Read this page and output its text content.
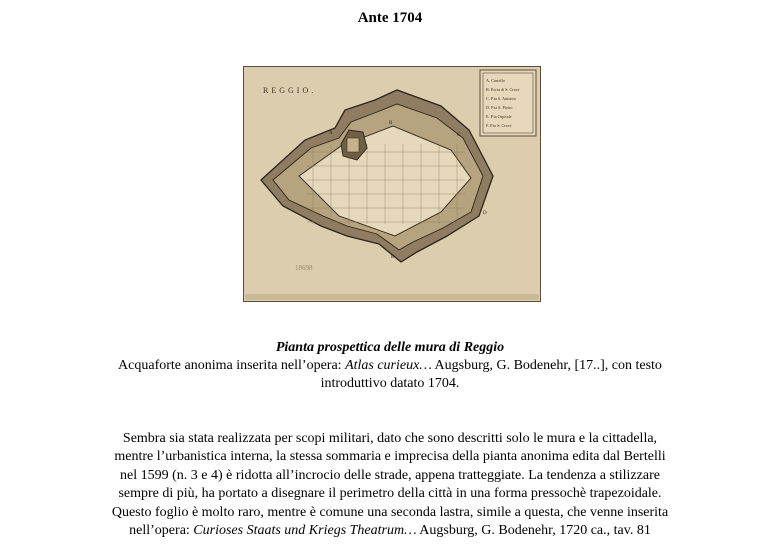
Ante 1704
REGGIO.
A. Castello
B. Porta di S. Croce
C. P.ta S. Antonio
D. P.ta S. Pietro
E. P.ta Ospitale
F. P.ta S. Croce
A
B
C
D
E
18698
Pianta prospettica delle mura di Reggio
Acquaforte anonima inserita nell’opera: Atlas curieux… Augsburg, G. Bodenehr, [17..], con testo
introduttivo datato 1704.
Sembra sia stata realizzata per scopi militari, dato che sono descritti solo le mura e la cittadella,
mentre l’urbanistica interna, la stessa sommaria e imprecisa della pianta anonima edita dal Bertelli
nel 1599 (n. 3 e 4) è ridotta all’incrocio delle strade, appena tratteggiate. La tendenza a stilizzare
sempre di più, ha portato a disegnare il perimetro della città in una forma pressochè trapezoidale.
Questo foglio è molto raro, mentre è comune una seconda lastra, simile a questa, che venne inserita
nell’opera: Curioses Staats und Kriegs Theatrum… Augsburg, G. Bodenehr, 1720 ca., tav. 81
